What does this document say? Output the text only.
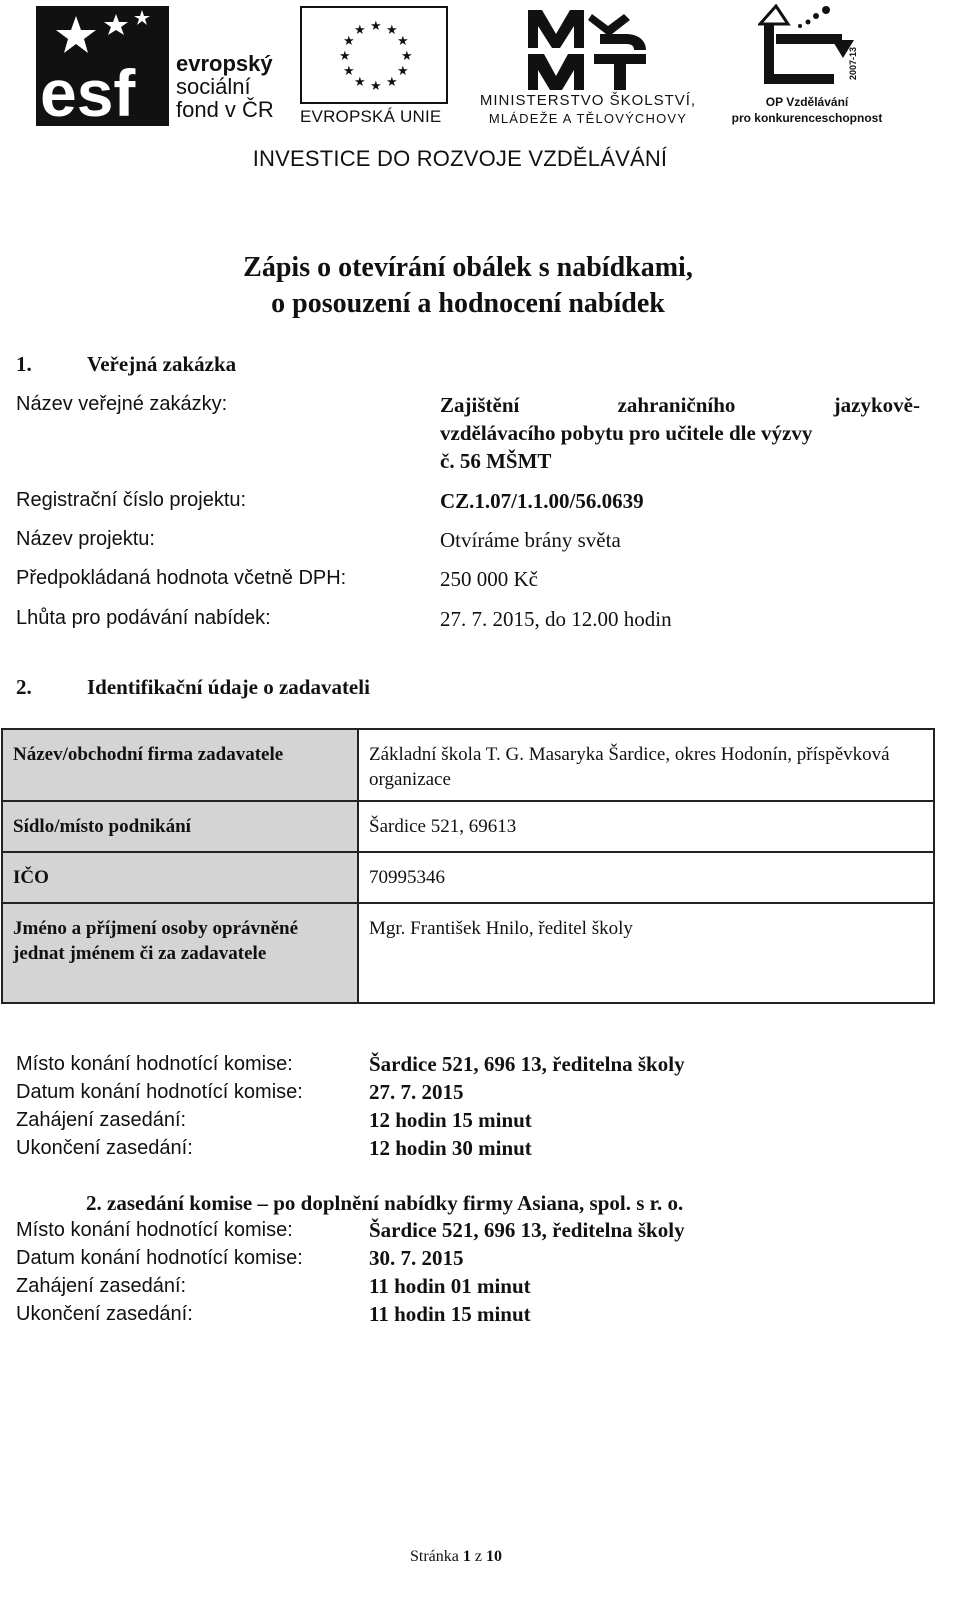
esf evropský
sociální
fond v ČR
★ ★
★
★
★
★
★
★
★
★
★
★
EVROPSKÁ UNIE
MINISTERSTVO ŠKOLSTVÍ,
MLÁDEŽE A TĚLOVÝCHOVY
2007-13
OP Vzdělávání
pro konkurenceschopnost
INVESTICE DO ROZVOJE VZDĚLÁVÁNÍ
Zápis o otevírání obálek s nabídkami,
o posouzení a hodnocení nabídek
1.	Veřejná zakázka
Název veřejné zakázky:	Zajištění zahraničního jazykově-
vzdělávacího pobytu pro učitele dle výzvy
č. 56 MŠMT
Registrační číslo projektu:	CZ.1.07/1.1.00/56.0639
Název projektu:	Otvíráme brány světa
Předpokládaná hodnota včetně DPH:	250 000 Kč
Lhůta pro podávání nabídek:	27. 7. 2015, do 12.00 hodin
2.	Identifikační údaje o zadavateli
Název/obchodní firma zadavatele	Základní škola T. G. Masaryka Šardice, okres Hodonín, příspěvková organizace
Sídlo/místo podnikání	Šardice 521, 69613
IČO	70995346
Jméno a příjmení osoby oprávněné jednat jménem či za zadavatele	Mgr. František Hnilo, ředitel školy
Místo konání hodnotící komise:	Šardice 521, 696 13, ředitelna školy
Datum konání hodnotící komise:	27. 7. 2015
Zahájení zasedání:	12 hodin 15 minut
Ukončení zasedání:	12 hodin 30 minut
2. zasedání komise – po doplnění nabídky firmy Asiana, spol. s r. o.
Místo konání hodnotící komise:	Šardice 521, 696 13, ředitelna školy
Datum konání hodnotící komise:	30. 7. 2015
Zahájení zasedání:	11 hodin 01 minut
Ukončení zasedání:	11 hodin 15 minut
Stránka 1 z 10
